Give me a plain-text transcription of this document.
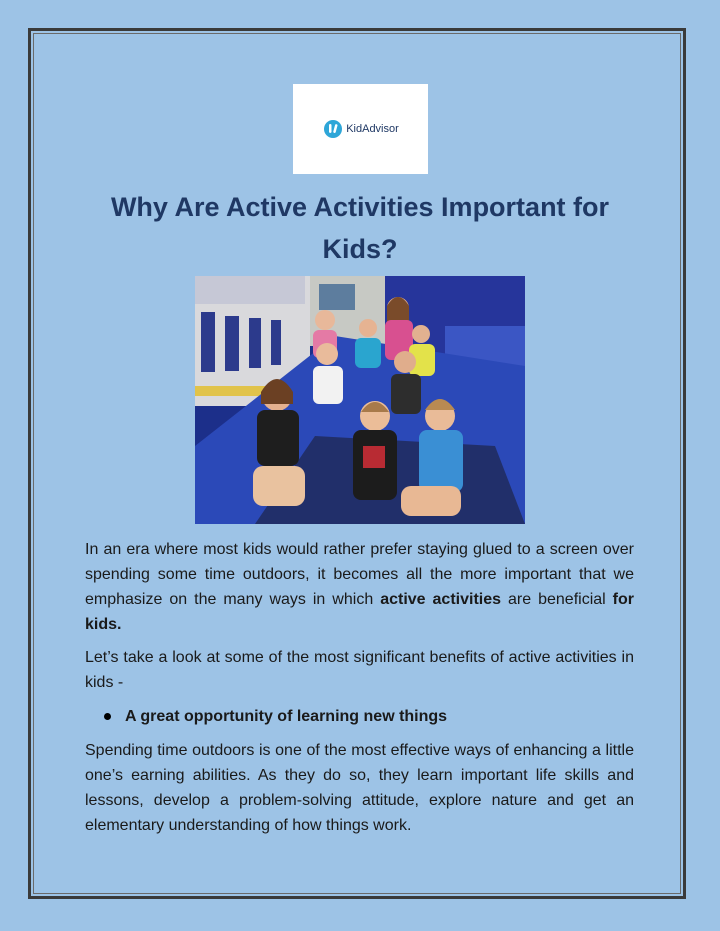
KidAdvisor
Why Are Active Activities Important for Kids?

In an era where most kids would rather prefer staying glued to a screen over spending some time outdoors, it becomes all the more important that we emphasize on the many ways in which active activities are beneficial for kids.

Let’s take a look at some of the most significant benefits of active activities in kids -

A great opportunity of learning new things

Spending time outdoors is one of the most effective ways of enhancing a little one’s earning abilities. As they do so, they learn important life skills and lessons, develop a problem-solving attitude, explore nature and get an elementary understanding of how things work.
